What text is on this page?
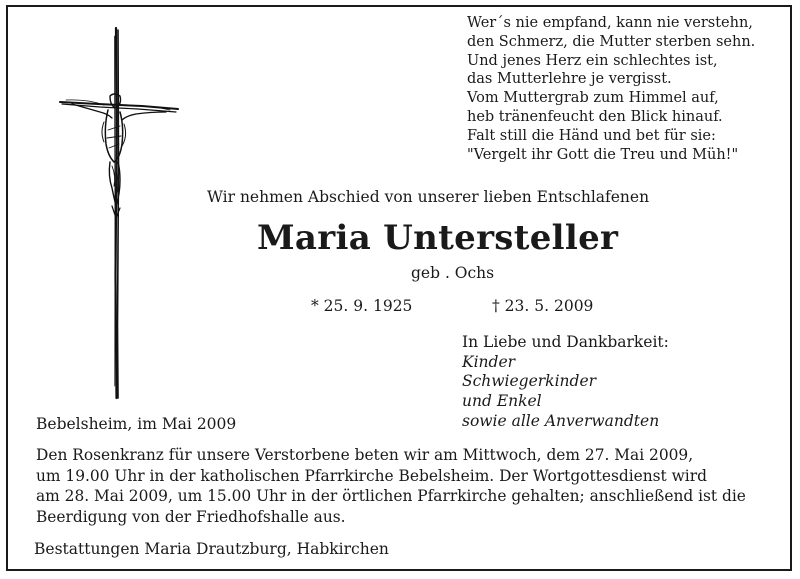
Wer´s nie empfand, kann nie verstehn,
den Schmerz, die Mutter sterben sehn.
Und jenes Herz ein schlechtes ist,
das Mutterlehre je vergisst.
Vom Muttergrab zum Himmel auf,
heb tränenfeucht den Blick hinauf.
Falt still die Händ und bet für sie:
"Vergelt ihr Gott die Treu und Müh!"
Wir nehmen Abschied von unserer lieben Entschlafenen
Maria Untersteller
geb . Ochs
* 25. 9. 1925	† 23. 5. 2009
In Liebe und Dankbarkeit:
Kinder
Schwiegerkinder
und Enkel
sowie alle Anverwandten
Bebelsheim, im Mai 2009
Den Rosenkranz für unsere Verstorbene beten wir am Mittwoch, dem 27. Mai 2009,
um 19.00 Uhr in der katholischen Pfarrkirche Bebelsheim. Der Wortgottesdienst wird
am 28. Mai 2009, um 15.00 Uhr in der örtlichen Pfarrkirche gehalten; anschließend ist die
Beerdigung von der Friedhofshalle aus.
Bestattungen Maria Drautzburg, Habkirchen
